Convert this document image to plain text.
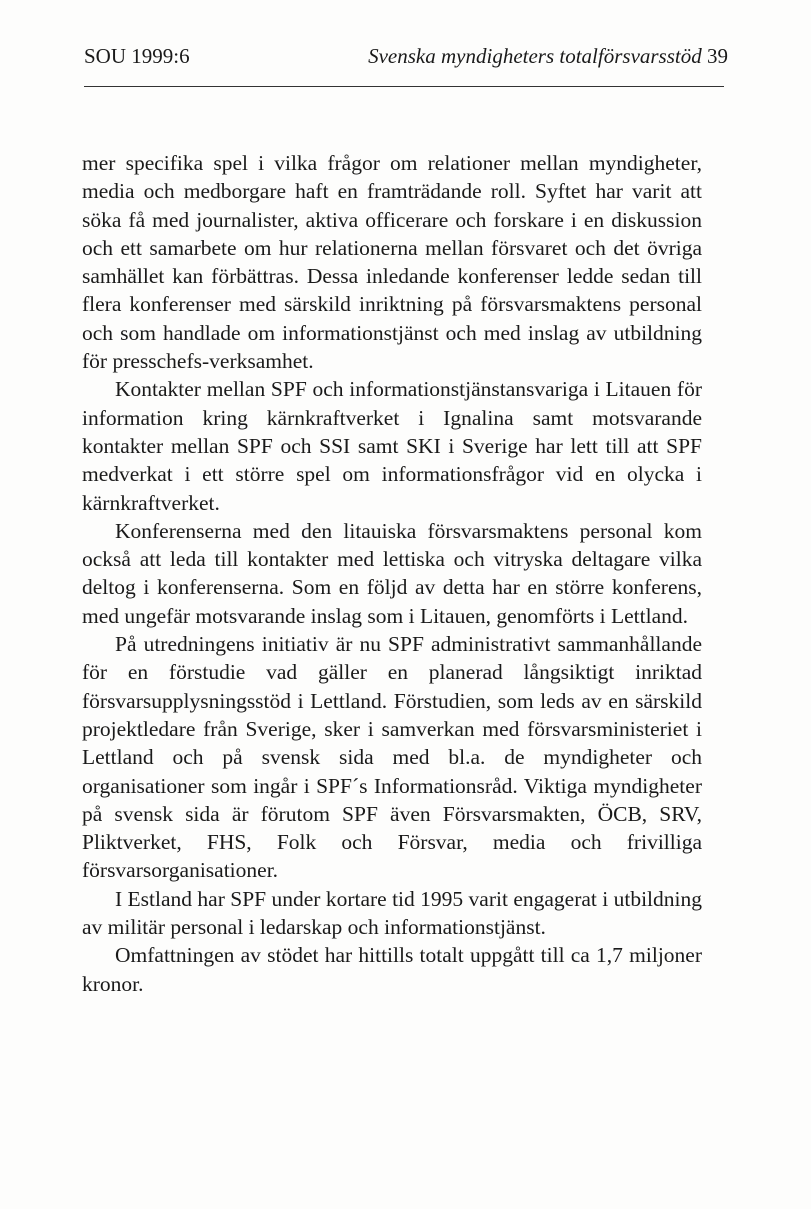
SOU 1999:6	Svenska myndigheters totalförsvarsstöd 39

mer specifika spel i vilka frågor om relationer mellan myndigheter, media och medborgare haft en framträdande roll. Syftet har varit att söka få med journalister, aktiva officerare och forskare i en diskussion och ett samarbete om hur relationerna mellan försvaret och det övriga samhället kan förbättras. Dessa inledande konferenser ledde sedan till flera konferenser med särskild inriktning på försvarsmaktens personal och som handlade om informationstjänst och med inslag av utbildning för presschefs-verksamhet.

Kontakter mellan SPF och informationstjänstansvariga i Litauen för information kring kärnkraftverket i Ignalina samt motsvarande kontakter mellan SPF och SSI samt SKI i Sverige har lett till att SPF medverkat i ett större spel om informationsfrågor vid en olycka i kärnkraftverket.

Konferenserna med den litauiska försvarsmaktens personal kom också att leda till kontakter med lettiska och vitryska deltagare vilka deltog i konferenserna. Som en följd av detta har en större konferens, med ungefär motsvarande inslag som i Litauen, genomförts i Lettland.

På utredningens initiativ är nu SPF administrativt sammanhållande för en förstudie vad gäller en planerad långsiktigt inriktad försvarsupplysningsstöd i Lettland. Förstudien, som leds av en särskild projektledare från Sverige, sker i samverkan med försvarsministeriet i Lettland och på svensk sida med bl.a. de myndigheter och organisationer som ingår i SPF´s Informationsråd. Viktiga myndigheter på svensk sida är förutom SPF även Försvarsmakten, ÖCB, SRV, Pliktverket, FHS, Folk och Försvar, media och frivilliga försvarsorganisationer.

I Estland har SPF under kortare tid 1995 varit engagerat i utbildning av militär personal i ledarskap och informationstjänst.

Omfattningen av stödet har hittills totalt uppgått till ca 1,7 miljoner kronor.
